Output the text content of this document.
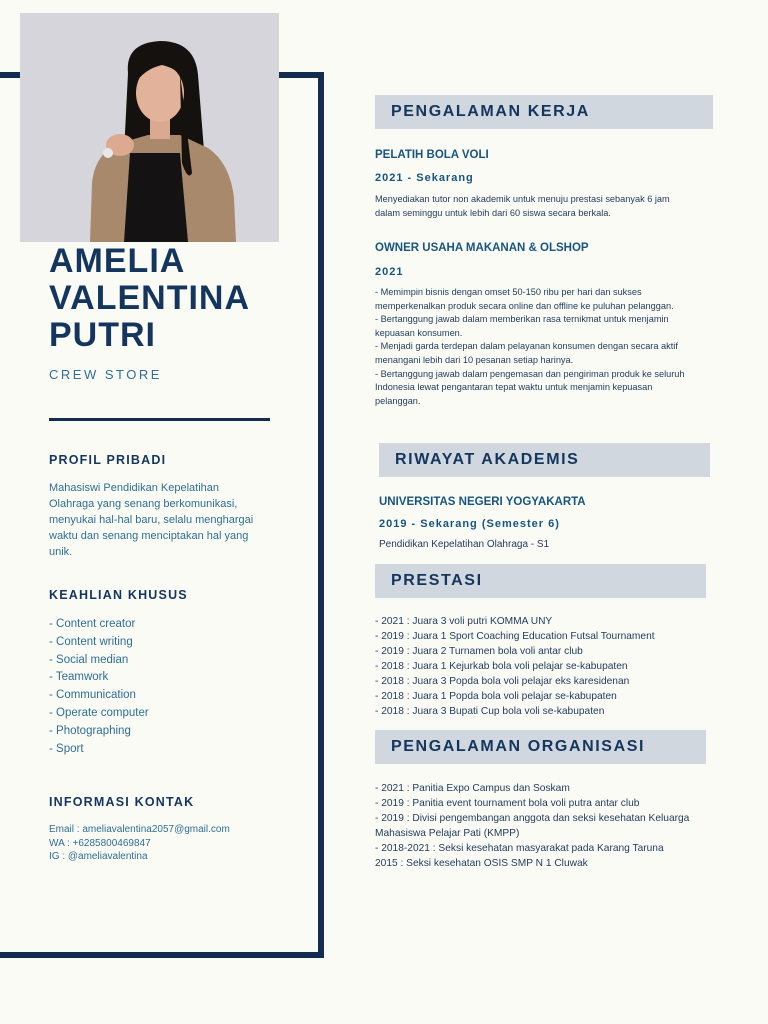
AMELIA
VALENTINA
PUTRI
CREW STORE
PROFIL PRIBADI
Mahasiswi Pendidikan Kepelatihan Olahraga yang senang berkomunikasi, menyukai hal-hal baru, selalu menghargai waktu dan senang menciptakan hal yang unik.
KEAHLIAN KHUSUS
- Content creator
- Content writing
- Social median
- Teamwork
- Communication
- Operate computer
- Photographing
- Sport
INFORMASI KONTAK
Email : ameliavalentina2057@gmail.com
WA : +6285800469847
IG : @ameliavalentina
PENGALAMAN KERJA
PELATIH BOLA VOLI
2021 - Sekarang
Menyediakan tutor non akademik untuk menuju prestasi sebanyak 6 jam
dalam seminggu untuk lebih dari 60 siswa secara berkala.
OWNER USAHA MAKANAN & OLSHOP
2021
- Memimpin bisnis dengan omset 50-150 ribu per hari dan sukses
memperkenalkan produk secara online dan offline ke puluhan pelanggan.
- Bertanggung jawab dalam memberikan rasa ternikmat untuk menjamin
kepuasan konsumen.
- Menjadi garda terdepan dalam pelayanan konsumen dengan secara aktif
menangani lebih dari 10 pesanan setiap harinya.
- Bertanggung jawab dalam pengemasan dan pengiriman produk ke seluruh
Indonesia lewat pengantaran tepat waktu untuk menjamin kepuasan
pelanggan.
RIWAYAT AKADEMIS
UNIVERSITAS NEGERI YOGYAKARTA
2019 - Sekarang (Semester 6)
Pendidikan Kepelatihan Olahraga - S1
PRESTASI
- 2021 : Juara 3 voli putri KOMMA UNY
- 2019 : Juara 1 Sport Coaching Education Futsal Tournament
- 2019 : Juara 2 Turnamen bola voli antar club
- 2018 : Juara 1 Kejurkab bola voli pelajar se-kabupaten
- 2018 : Juara 3 Popda bola voli pelajar eks karesidenan
- 2018 : Juara 1 Popda bola voli pelajar se-kabupaten
- 2018 : Juara 3 Bupati Cup bola voli se-kabupaten
PENGALAMAN ORGANISASI
- 2021 : Panitia Expo Campus dan Soskam
- 2019 : Panitia event tournament bola voli putra antar club
- 2019 : Divisi pengembangan anggota dan seksi kesehatan Keluarga
Mahasiswa Pelajar Pati (KMPP)
- 2018-2021 : Seksi kesehatan masyarakat pada Karang Taruna
2015 : Seksi kesehatan OSIS SMP N 1 Cluwak
